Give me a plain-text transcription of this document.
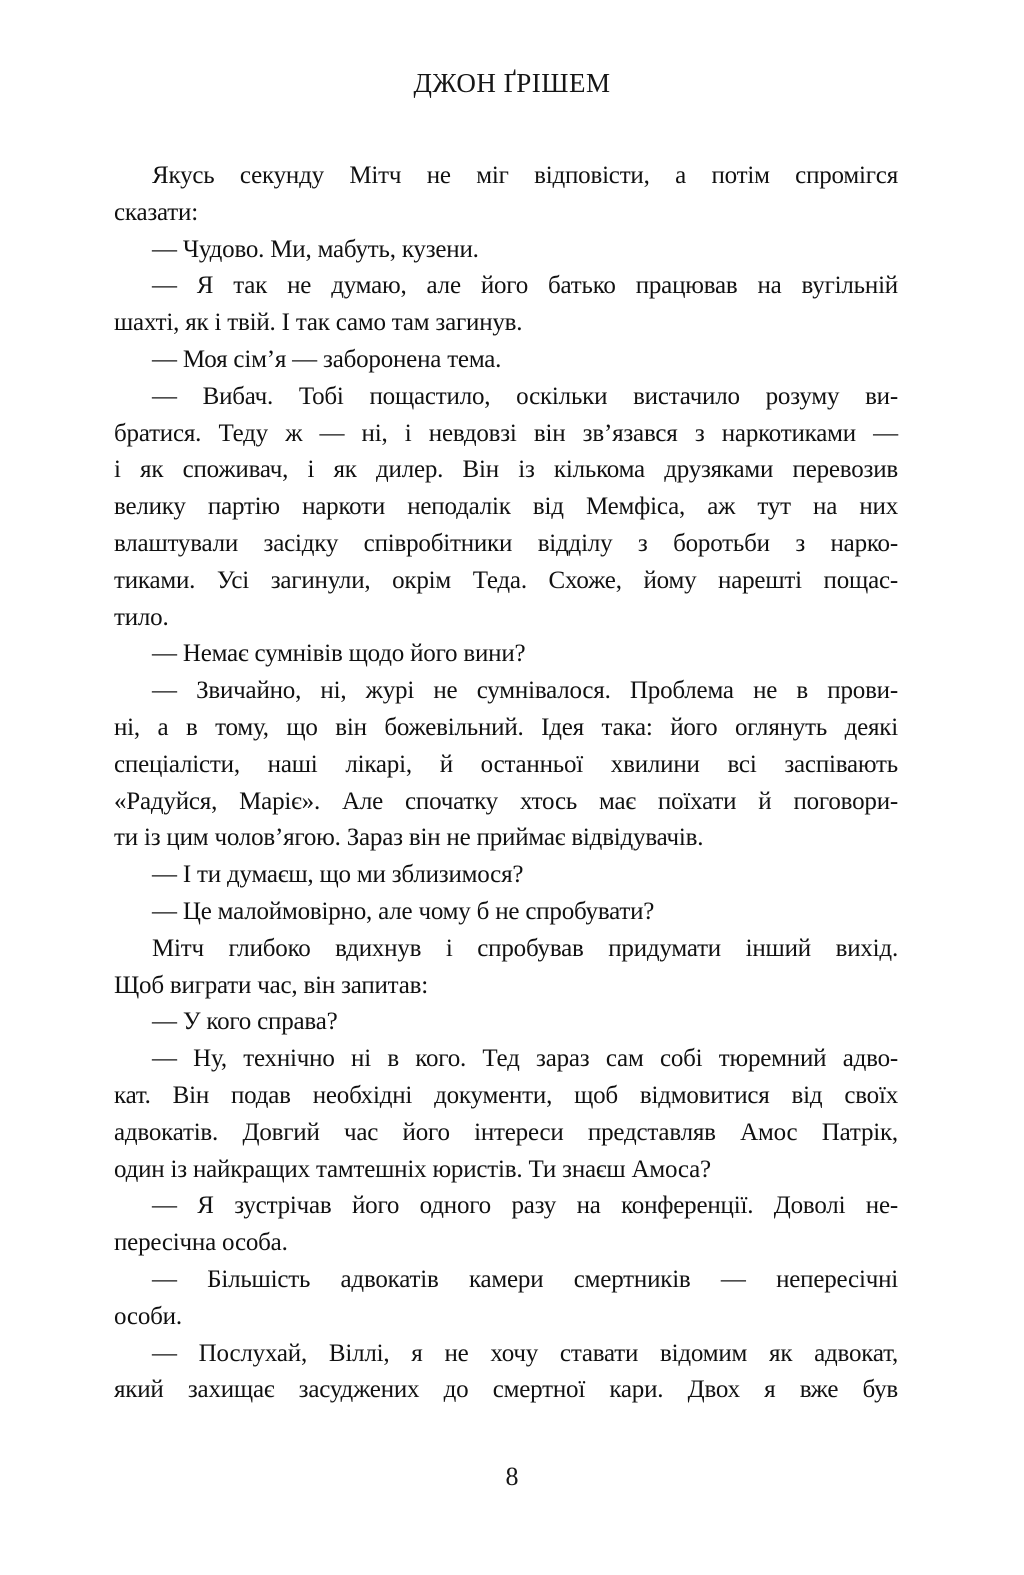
ДЖОН ҐРІШЕМ
Якусь секунду Мітч не міг відповісти, а потім спромігся
сказати:
— Чудово. Ми, мабуть, кузени.
— Я так не думаю, але його батько працював на вугільній
шахті, як і твій. І так само там загинув.
— Моя сім’я — заборонена тема.
— Вибач. Тобі пощастило, оскільки вистачило розуму ви-
братися. Теду ж — ні, і невдовзі він зв’язався з наркотиками —
і як споживач, і як дилер. Він із кількома друзяками перевозив
велику партію наркоти неподалік від Мемфіса, аж тут на них
влаштували засідку співробітники відділу з боротьби з нарко-
тиками. Усі загинули, окрім Теда. Схоже, йому нарешті пощас-
тило.
— Немає сумнівів щодо його вини?
— Звичайно, ні, журі не сумнівалося. Проблема не в прови-
ні, а в тому, що він божевільний. Ідея така: його оглянуть деякі
спеціалісти, наші лікарі, й останньої хвилини всі заспівають
«Радуйся, Маріє». Але спочатку хтось має поїхати й поговори-
ти із цим чолов’ягою. Зараз він не приймає відвідувачів.
— І ти думаєш, що ми зблизимося?
— Це малоймовірно, але чому б не спробувати?
Мітч глибоко вдихнув і спробував придумати інший вихід.
Щоб виграти час, він запитав:
— У кого справа?
— Ну, технічно ні в кого. Тед зараз сам собі тюремний адво-
кат. Він подав необхідні документи, щоб відмовитися від своїх
адвокатів. Довгий час його інтереси представляв Амос Патрік,
один із найкращих тамтешніх юристів. Ти знаєш Амоса?
— Я зустрічав його одного разу на конференції. Доволі не-
пересічна особа.
— Більшість адвокатів камери смертників — непересічні
особи.
— Послухай, Віллі, я не хочу ставати відомим як адвокат,
який захищає засуджених до смертної кари. Двох я вже був
8
